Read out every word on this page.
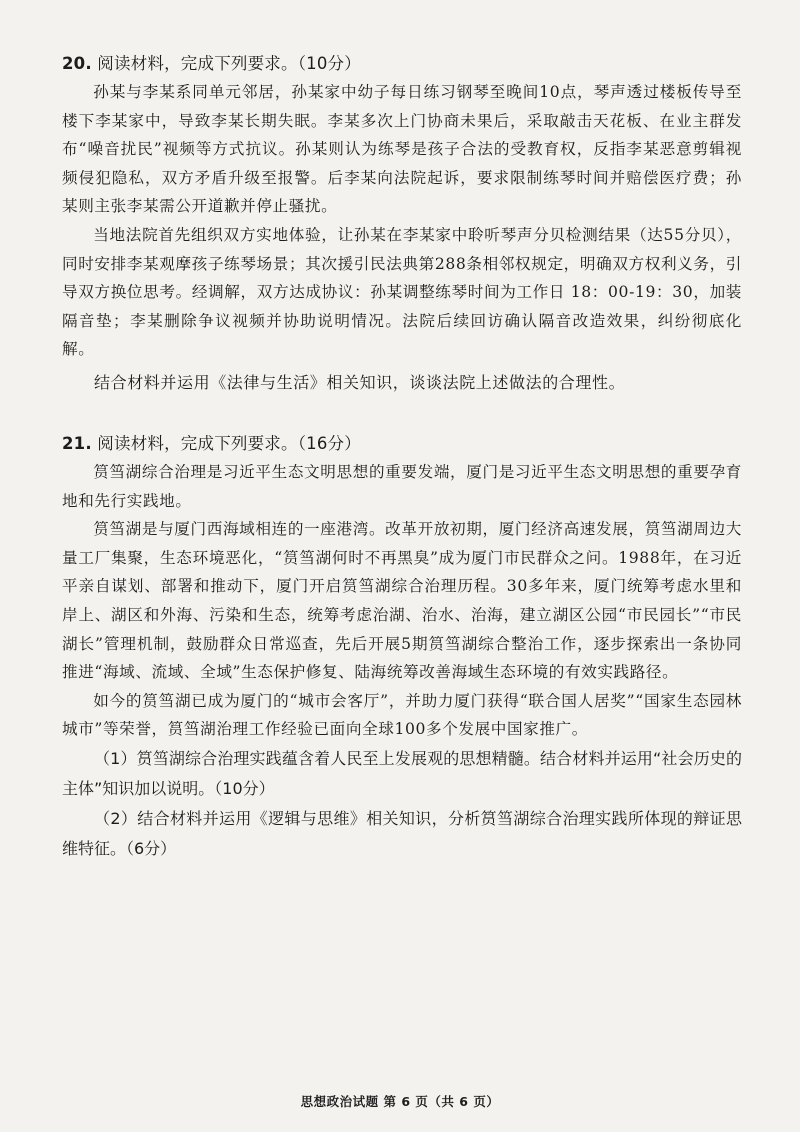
20. 阅读材料，完成下列要求。（10分）

孙某与李某系同单元邻居，孙某家中幼子每日练习钢琴至晚间10点，琴声透过楼板传导至楼下李某家中，导致李某长期失眠。李某多次上门协商未果后，采取敲击天花板、在业主群发布“噪音扰民”视频等方式抗议。孙某则认为练琴是孩子合法的受教育权，反指李某恶意剪辑视频侵犯隐私，双方矛盾升级至报警。后李某向法院起诉，要求限制练琴时间并赔偿医疗费；孙某则主张李某需公开道歉并停止骚扰。

当地法院首先组织双方实地体验，让孙某在李某家中聆听琴声分贝检测结果（达55分贝），同时安排李某观摩孩子练琴场景；其次援引民法典第288条相邻权规定，明确双方权利义务，引导双方换位思考。经调解，双方达成协议：孙某调整练琴时间为工作日 18：00-19：30，加装隔音垫；李某删除争议视频并协助说明情况。法院后续回访确认隔音改造效果，纠纷彻底化解。

结合材料并运用《法律与生活》相关知识，谈谈法院上述做法的合理性。

21. 阅读材料，完成下列要求。（16分）

筼筜湖综合治理是习近平生态文明思想的重要发端，厦门是习近平生态文明思想的重要孕育地和先行实践地。

筼筜湖是与厦门西海域相连的一座港湾。改革开放初期，厦门经济高速发展，筼筜湖周边大量工厂集聚，生态环境恶化，“筼筜湖何时不再黑臭”成为厦门市民群众之问。1988年，在习近平亲自谋划、部署和推动下，厦门开启筼筜湖综合治理历程。30多年来，厦门统筹考虑水里和岸上、湖区和外海、污染和生态，统筹考虑治湖、治水、治海，建立湖区公园“市民园长”“市民湖长”管理机制，鼓励群众日常巡查，先后开展5期筼筜湖综合整治工作，逐步探索出一条协同推进“海域、流域、全域”生态保护修复、陆海统筹改善海域生态环境的有效实践路径。

如今的筼筜湖已成为厦门的“城市会客厅”，并助力厦门获得“联合国人居奖”“国家生态园林城市”等荣誉，筼筜湖治理工作经验已面向全球100多个发展中国家推广。

（1）筼筜湖综合治理实践蕴含着人民至上发展观的思想精髓。结合材料并运用“社会历史的主体”知识加以说明。（10分）

（2）结合材料并运用《逻辑与思维》相关知识，分析筼筜湖综合治理实践所体现的辩证思维特征。（6分）

思想政治试题 第 6 页（共 6 页）
